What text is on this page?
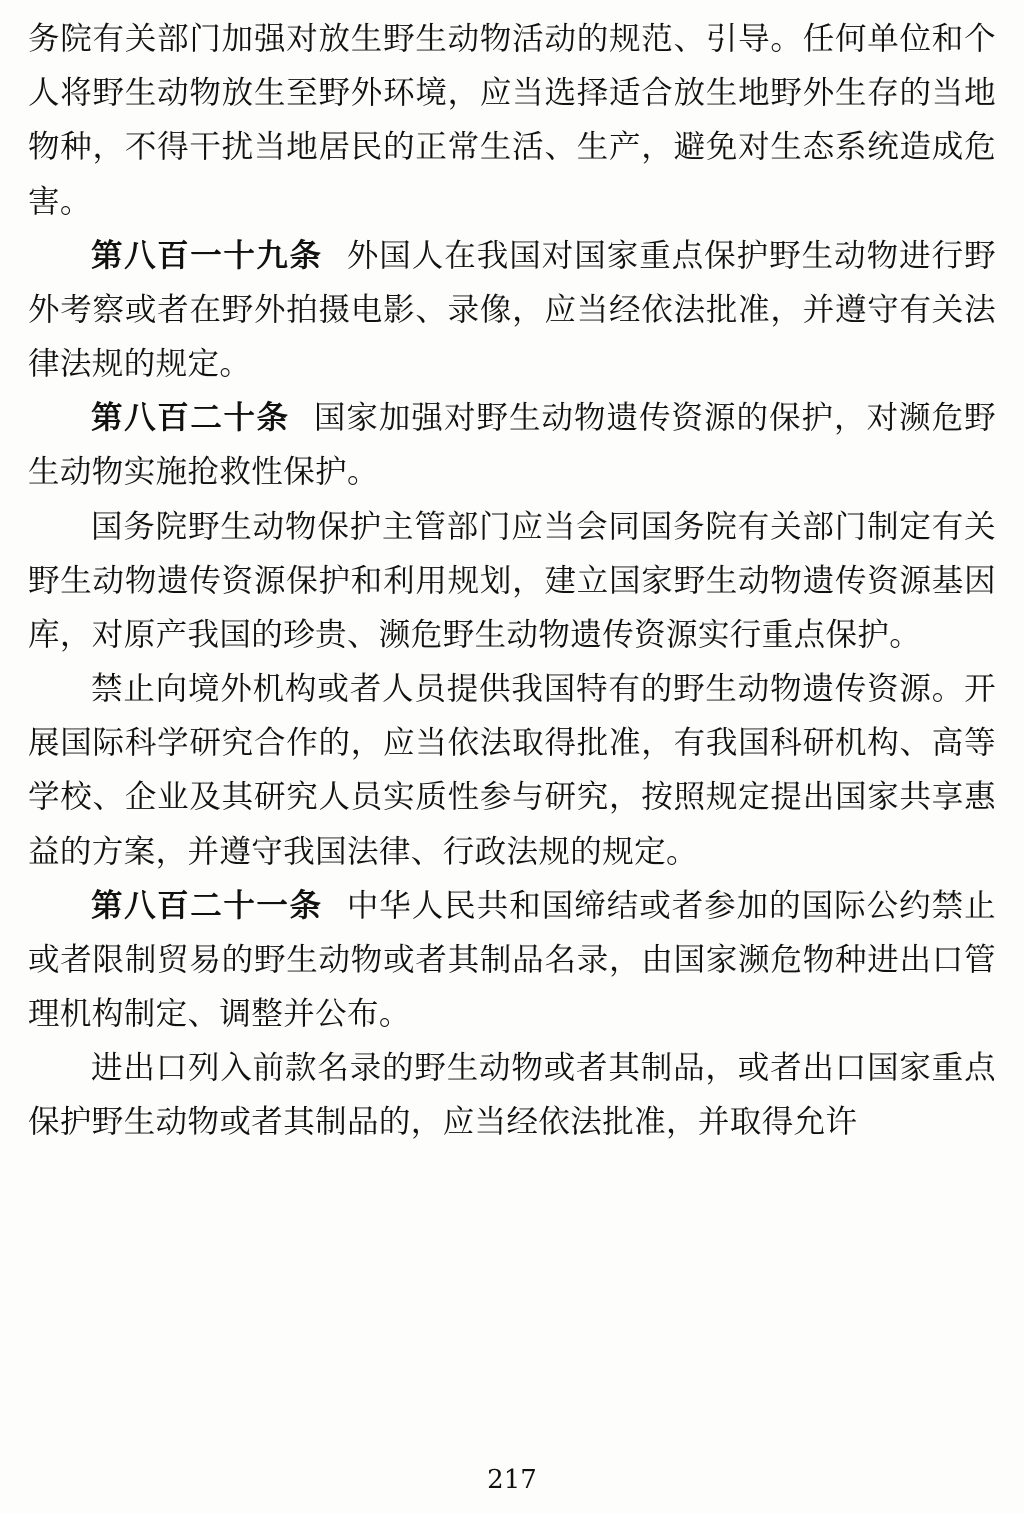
务院有关部门加强对放生野生动物活动的规范、引导。任何单位和个人将野生动物放生至野外环境，应当选择适合放生地野外生存的当地物种，不得干扰当地居民的正常生活、生产，避免对生态系统造成危害。

第八百一十九条 外国人在我国对国家重点保护野生动物进行野外考察或者在野外拍摄电影、录像，应当经依法批准，并遵守有关法律法规的规定。

第八百二十条 国家加强对野生动物遗传资源的保护，对濒危野生动物实施抢救性保护。

国务院野生动物保护主管部门应当会同国务院有关部门制定有关野生动物遗传资源保护和利用规划，建立国家野生动物遗传资源基因库，对原产我国的珍贵、濒危野生动物遗传资源实行重点保护。

禁止向境外机构或者人员提供我国特有的野生动物遗传资源。开展国际科学研究合作的，应当依法取得批准，有我国科研机构、高等学校、企业及其研究人员实质性参与研究，按照规定提出国家共享惠益的方案，并遵守我国法律、行政法规的规定。

第八百二十一条 中华人民共和国缔结或者参加的国际公约禁止或者限制贸易的野生动物或者其制品名录，由国家濒危物种进出口管理机构制定、调整并公布。

进出口列入前款名录的野生动物或者其制品，或者出口国家重点保护野生动物或者其制品的，应当经依法批准，并取得允许

217
